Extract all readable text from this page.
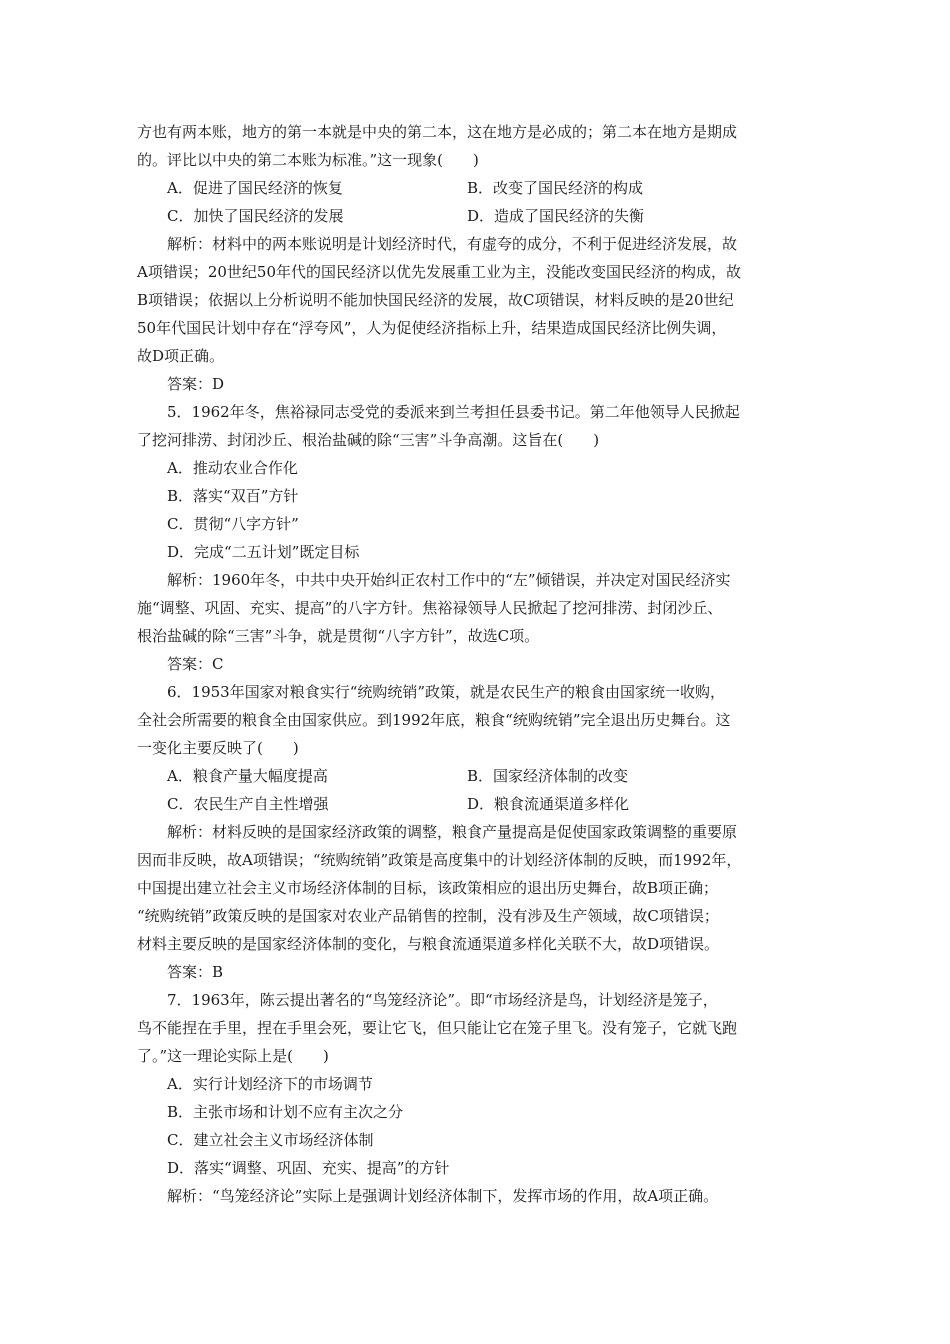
方也有两本账，地方的第一本就是中央的第二本，这在地方是必成的；第二本在地方是期成
的。评比以中央的第二本账为标准。”这一现象(　　)
A．促进了国民经济的恢复	B．改变了国民经济的构成
C．加快了国民经济的发展	D．造成了国民经济的失衡
解析：材料中的两本账说明是计划经济时代，有虚夸的成分，不利于促进经济发展，故
A项错误；20世纪50年代的国民经济以优先发展重工业为主，没能改变国民经济的构成，故
B项错误；依据以上分析说明不能加快国民经济的发展，故C项错误，材料反映的是20世纪
50年代国民计划中存在“浮夸风”，人为促使经济指标上升，结果造成国民经济比例失调，
故D项正确。
答案：D
5．1962年冬，焦裕禄同志受党的委派来到兰考担任县委书记。第二年他领导人民掀起
了挖河排涝、封闭沙丘、根治盐碱的除“三害”斗争高潮。这旨在(　　)
A．推动农业合作化
B．落实“双百”方针
C．贯彻“八字方针”
D．完成“二五计划”既定目标
解析：1960年冬，中共中央开始纠正农村工作中的“左”倾错误，并决定对国民经济实
施“调整、巩固、充实、提高”的八字方针。焦裕禄领导人民掀起了挖河排涝、封闭沙丘、
根治盐碱的除“三害”斗争，就是贯彻“八字方针”，故选C项。
答案：C
6．1953年国家对粮食实行“统购统销”政策，就是农民生产的粮食由国家统一收购，
全社会所需要的粮食全由国家供应。到1992年底，粮食“统购统销”完全退出历史舞台。这
一变化主要反映了(　　)
A．粮食产量大幅度提高	B．国家经济体制的改变
C．农民生产自主性增强	D．粮食流通渠道多样化
解析：材料反映的是国家经济政策的调整，粮食产量提高是促使国家政策调整的重要原
因而非反映，故A项错误；“统购统销”政策是高度集中的计划经济体制的反映，而1992年，
中国提出建立社会主义市场经济体制的目标，该政策相应的退出历史舞台，故B项正确；
“统购统销”政策反映的是国家对农业产品销售的控制，没有涉及生产领域，故C项错误；
材料主要反映的是国家经济体制的变化，与粮食流通渠道多样化关联不大，故D项错误。
答案：B
7．1963年，陈云提出著名的“鸟笼经济论”。即“市场经济是鸟，计划经济是笼子，
鸟不能捏在手里，捏在手里会死，要让它飞，但只能让它在笼子里飞。没有笼子，它就飞跑
了。”这一理论实际上是(　　)
A．实行计划经济下的市场调节
B．主张市场和计划不应有主次之分
C．建立社会主义市场经济体制
D．落实“调整、巩固、充实、提高”的方针
解析：“鸟笼经济论”实际上是强调计划经济体制下，发挥市场的作用，故A项正确。
